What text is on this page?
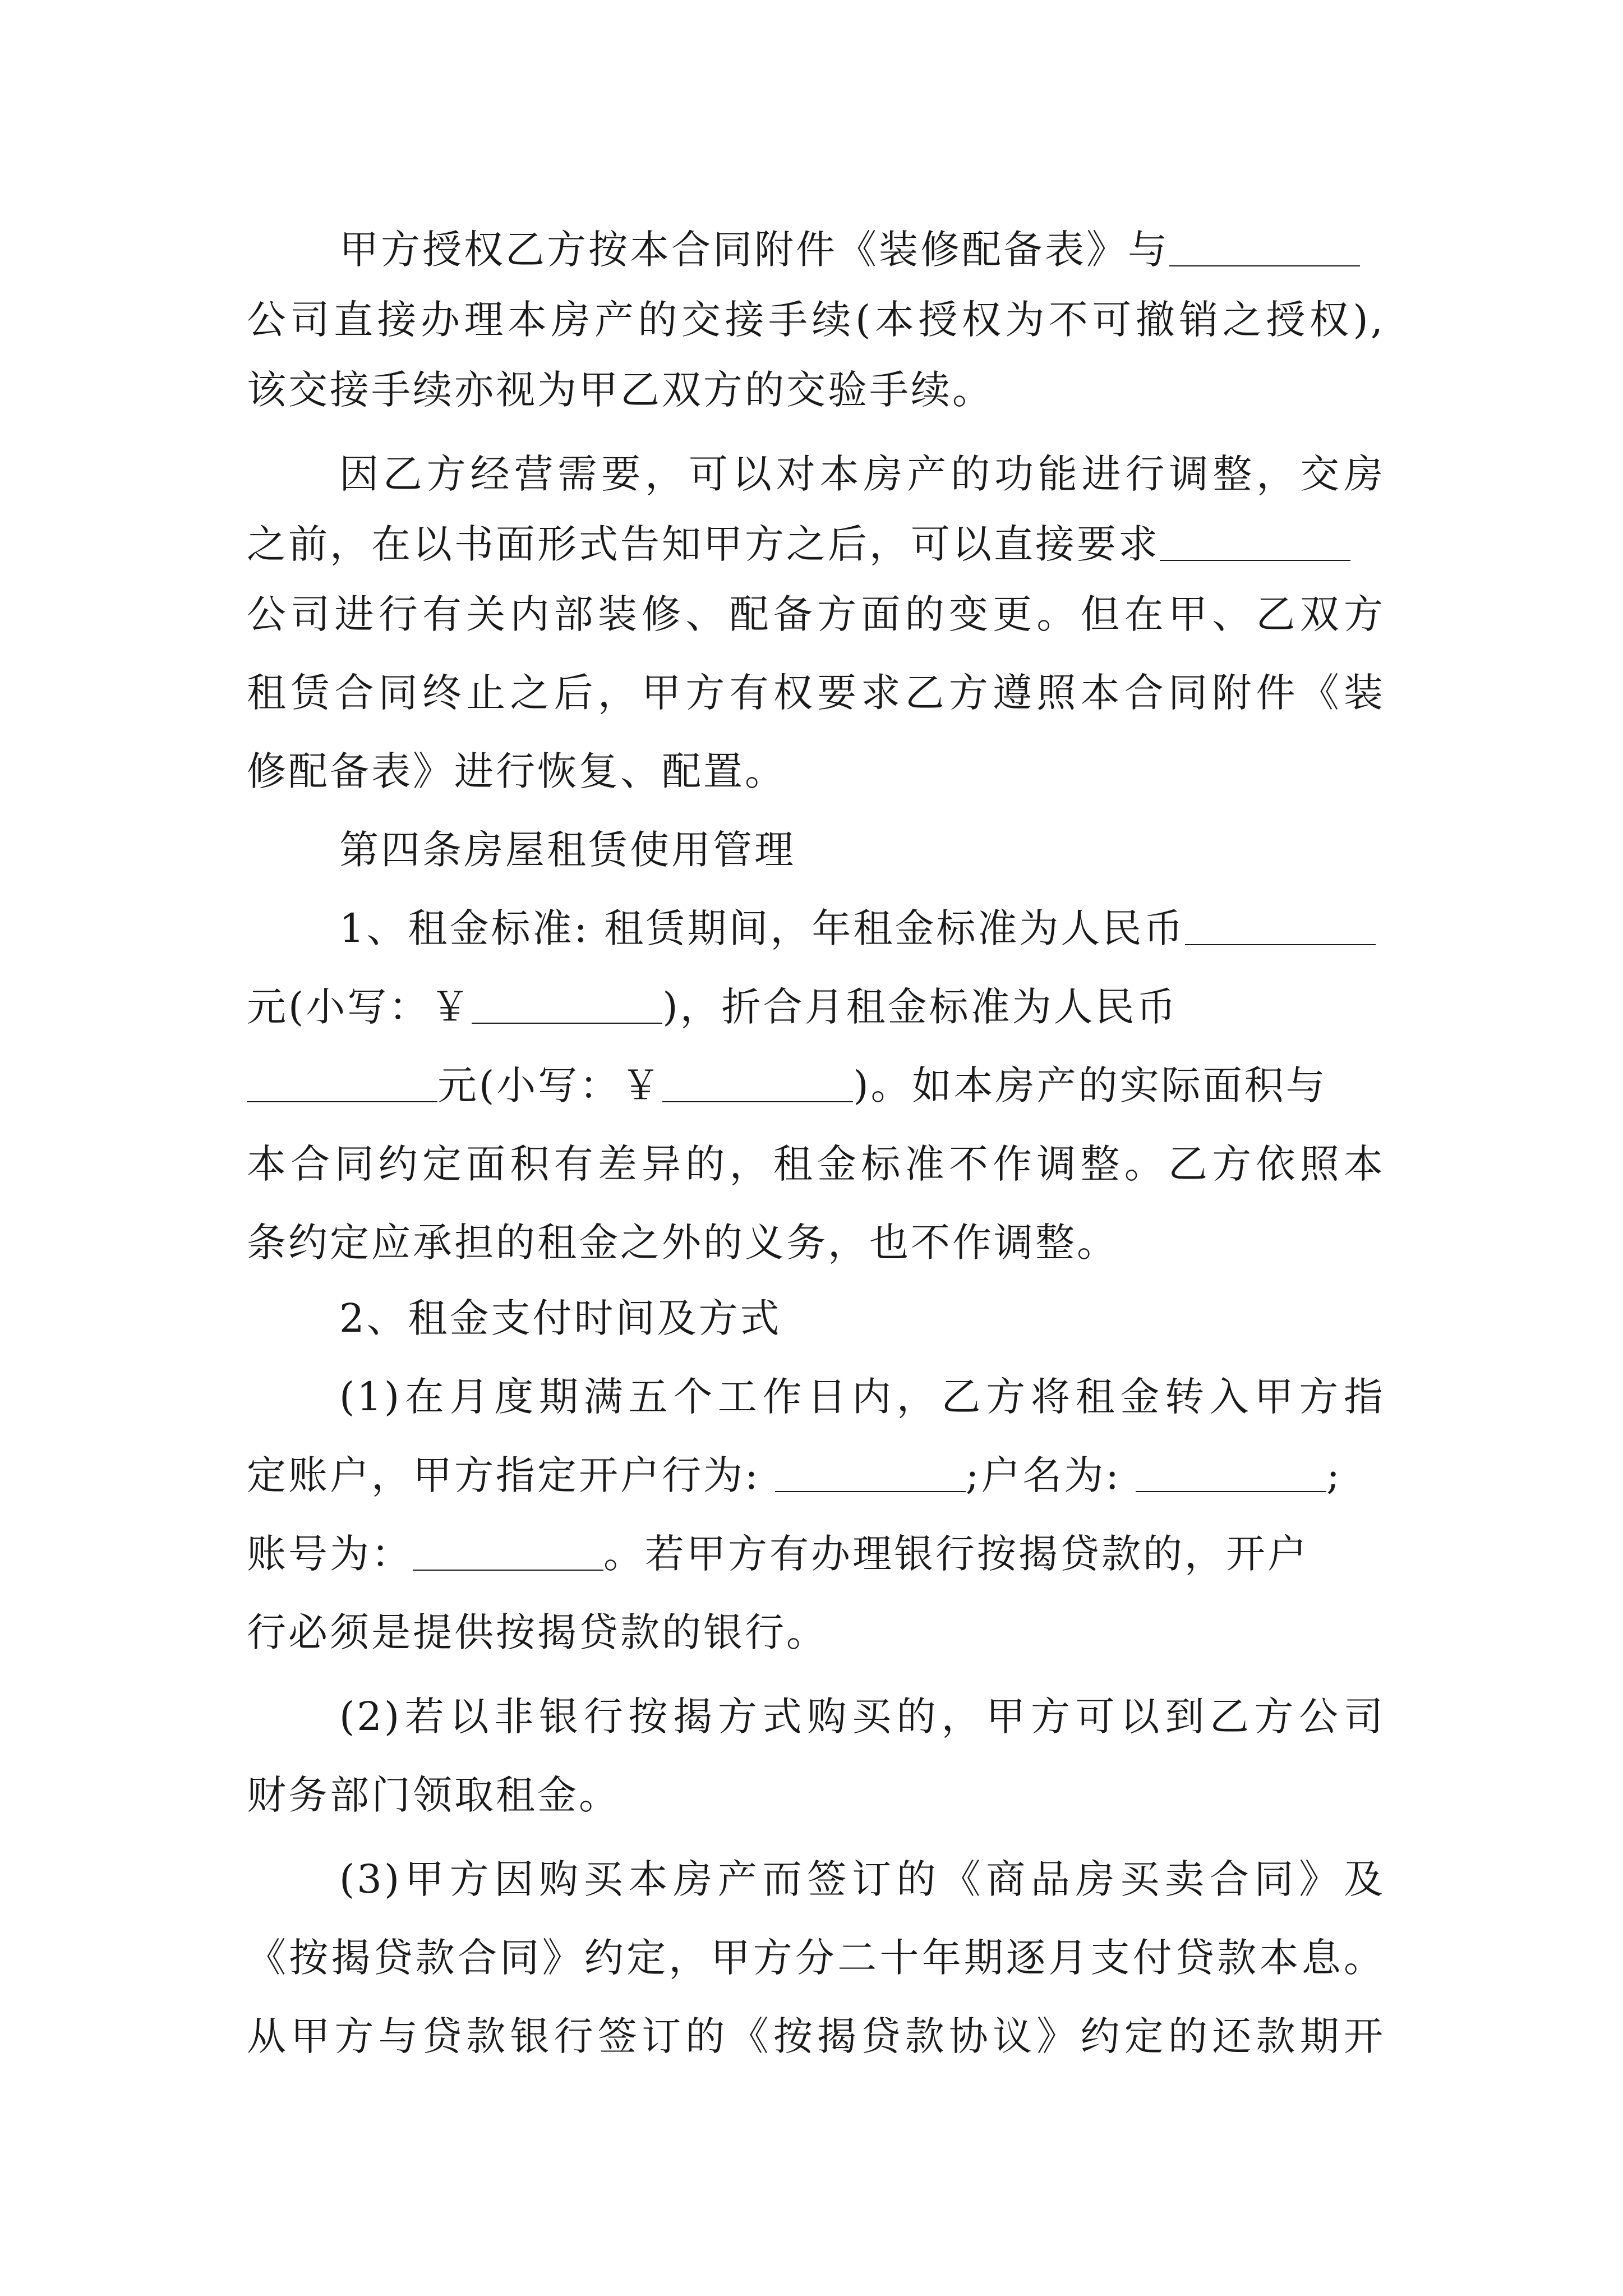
甲方授权乙方按本合同附件《装修配备表》与
公司直接办理本房产的交接手续(本授权为不可撤销之授权),
该交接手续亦视为甲乙双方的交验手续。
因乙方经营需要，可以对本房产的功能进行调整，交房
之前，在以书面形式告知甲方之后，可以直接要求
公司进行有关内部装修、配备方面的变更。但在甲、乙双方
租赁合同终止之后，甲方有权要求乙方遵照本合同附件《装
修配备表》进行恢复、配置。
第四条房屋租赁使用管理
1、租金标准: 租赁期间，年租金标准为人民币
元(小写：￥	)，折合月租金标准为人民币
元(小写：￥	)。如本房产的实际面积与
本合同约定面积有差异的，租金标准不作调整。乙方依照本
条约定应承担的租金之外的义务，也不作调整。
2、租金支付时间及方式
(1)在月度期满五个工作日内，乙方将租金转入甲方指
定账户，甲方指定开户行为:	;户名为:	;
账号为：	。若甲方有办理银行按揭贷款的，开户
行必须是提供按揭贷款的银行。
(2)若以非银行按揭方式购买的，甲方可以到乙方公司
财务部门领取租金。
(3)甲方因购买本房产而签订的《商品房买卖合同》及
《按揭贷款合同》约定，甲方分二十年期逐月支付贷款本息。
从甲方与贷款银行签订的《按揭贷款协议》约定的还款期开
